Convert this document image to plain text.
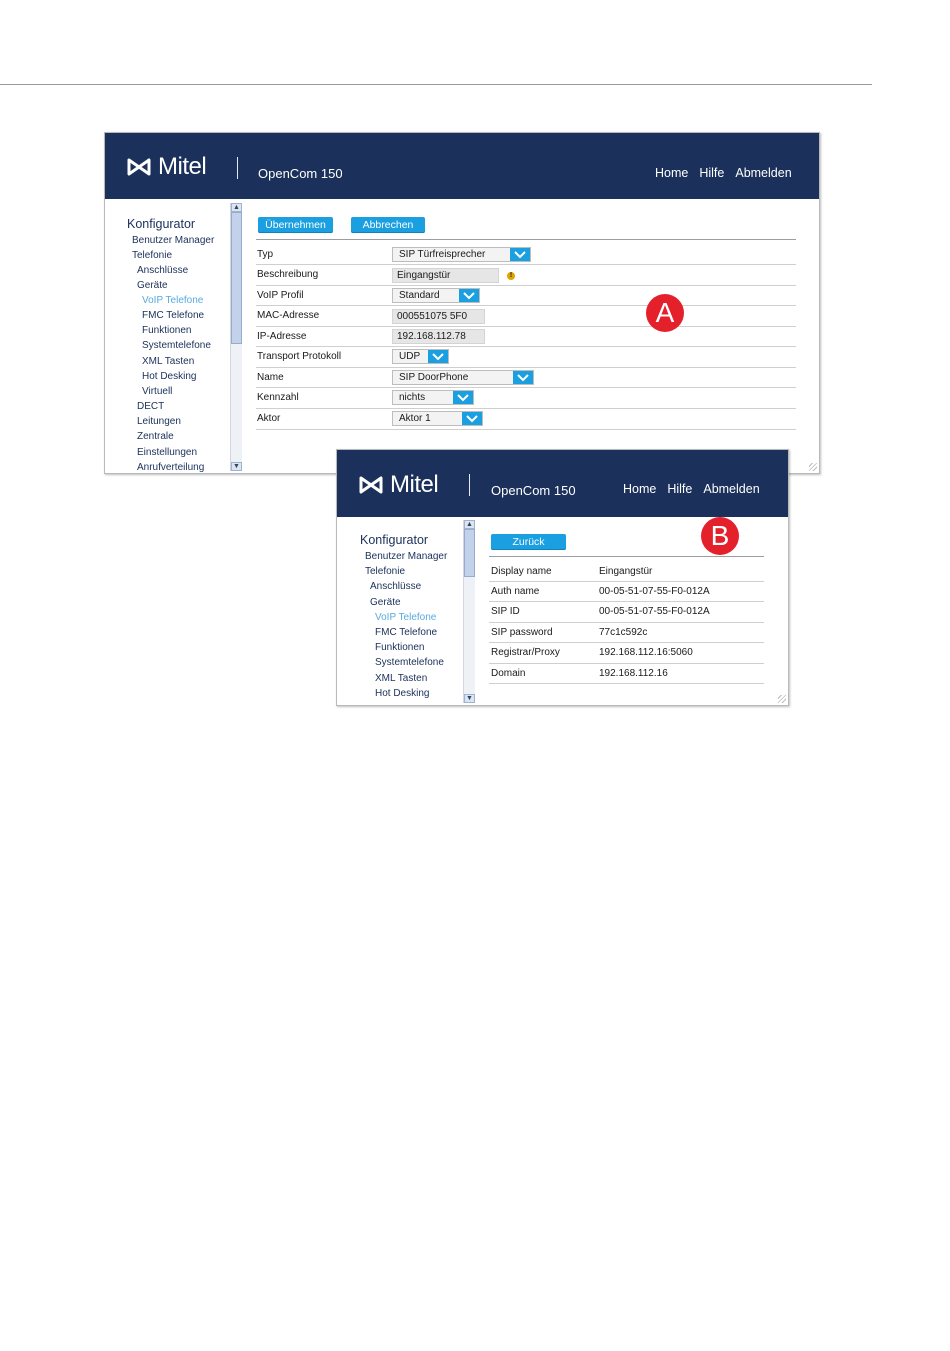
Mitel	OpenCom 150	Home Hilfe Abmelden
Konfigurator
Benutzer Manager
Telefonie
Anschlüsse
Geräte
VoIP Telefone
FMC Telefone
Funktionen
Systemtelefone
XML Tasten
Hot Desking
Virtuell
DECT
Leitungen
Zentrale
Einstellungen
Anrufverteilung
▲
▼
Übernehmen	Abbrechen
Typ	SIP Türfreisprecher
Beschreibung	Eingangstür	!
VoIP Profil	Standard
MAC-Adresse	000551075 5F0
IP-Adresse	192.168.112.78
Transport Protokoll	UDP
Name	SIP DoorPhone
Kennzahl	nichts
Aktor	Aktor 1
A
Mitel	OpenCom 150	Home Hilfe Abmelden
Konfigurator
Benutzer Manager
Telefonie
Anschlüsse
Geräte
VoIP Telefone
FMC Telefone
Funktionen
Systemtelefone
XML Tasten
Hot Desking
▲
▼
Zurück
Display name	Eingangstür
Auth name	00-05-51-07-55-F0-012A
SIP ID	00-05-51-07-55-F0-012A
SIP password	77c1c592c
Registrar/Proxy	192.168.112.16:5060
Domain	192.168.112.16
B
